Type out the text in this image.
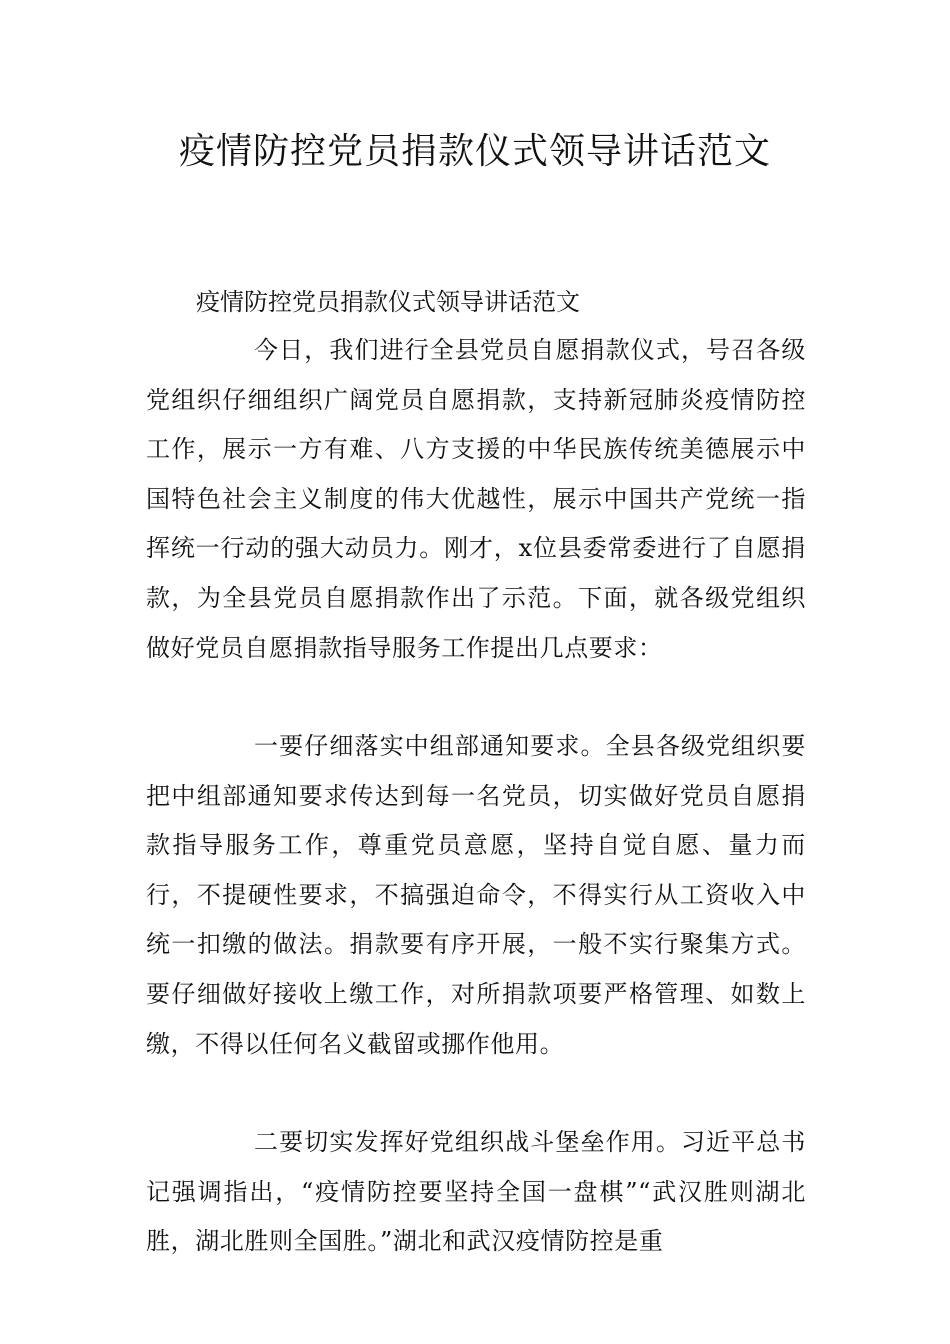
疫情防控党员捐款仪式领导讲话范文

疫情防控党员捐款仪式领导讲话范文

今日，我们进行全县党员自愿捐款仪式，号召各级党组织仔细组织广阔党员自愿捐款，支持新冠肺炎疫情防控工作，展示一方有难、八方支援的中华民族传统美德展示中国特色社会主义制度的伟大优越性，展示中国共产党统一指挥统一行动的强大动员力。刚才，x位县委常委进行了自愿捐款，为全县党员自愿捐款作出了示范。下面，就各级党组织做好党员自愿捐款指导服务工作提出几点要求：

一要仔细落实中组部通知要求。全县各级党组织要把中组部通知要求传达到每一名党员，切实做好党员自愿捐款指导服务工作，尊重党员意愿，坚持自觉自愿、量力而行，不提硬性要求，不搞强迫命令，不得实行从工资收入中统一扣缴的做法。捐款要有序开展，一般不实行聚集方式。要仔细做好接收上缴工作，对所捐款项要严格管理、如数上缴，不得以任何名义截留或挪作他用。

二要切实发挥好党组织战斗堡垒作用。习近平总书记强调指出，“疫情防控要坚持全国一盘棋”“武汉胜则湖北胜，湖北胜则全国胜。”湖北和武汉疫情防控是重
